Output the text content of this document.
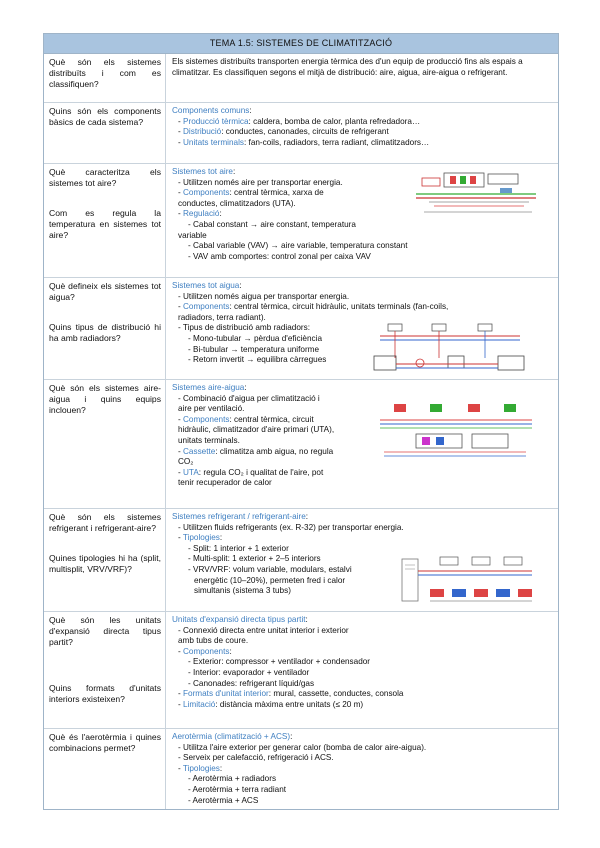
TEMA 1.5: SISTEMES DE CLIMATITZACIÓ

Què són els sistemes distribuïts i com es classifiquen?

Els sistemes distribuïts transporten energia tèrmica des d'un equip de producció fins als espais a climatitzar. Es classifiquen segons el mitjà de distribució: aire, aigua, aire-aigua o refrigerant.

Quins són els components bàsics de cada sistema?

Components comuns:

- Producció tèrmica: caldera, bomba de calor, planta refredadora…

- Distribució: conductes, canonades, circuits de refrigerant

- Unitats terminals: fan-coils, radiadors, terra radiant, climatitzadors…

Què caracteritza els sistemes tot aire?

Com es regula la temperatura en sistemes tot aire?

Sistemes tot aire:

- Utilitzen només aire per transportar energia.

- Components: central tèrmica, xarxa de

conductes, climatitzadors (UTA).

- Regulació:

- Cabal constant → aire constant, temperatura

variable

- Cabal variable (VAV) → aire variable, temperatura constant

- VAV amb comportes: control zonal per caixa VAV

Què defineix els sistemes tot aigua?

Quins tipus de distribució hi ha amb radiadors?

Sistemes tot aigua:

- Utilitzen només aigua per transportar energia.

- Components: central tèrmica, circuit hidràulic, unitats terminals (fan-coils,

radiadors, terra radiant).

- Tipus de distribució amb radiadors:

- Mono-tubular → pèrdua d'eficiència

- Bi-tubular → temperatura uniforme

- Retorn invertit → equilibra càrregues

Què són els sistemes aire-aigua i quins equips inclouen?

Sistemes aire-aigua:

- Combinació d'aigua per climatització i

aire per ventilació.

- Components: central tèrmica, circuit

hidràulic, climatitzador d'aire primari (UTA),

unitats terminals.

- Cassette: climatitza amb aigua, no regula

CO₂

- UTA: regula CO₂ i qualitat de l'aire, pot

tenir recuperador de calor

Què són els sistemes refrigerant i refrigerant-aire?

Quines tipologies hi ha (split, multisplit, VRV/VRF)?

Sistemes refrigerant / refrigerant-aire:

- Utilitzen fluids refrigerants (ex. R-32) per transportar energia.

- Tipologies:

- Split: 1 interior + 1 exterior

- Multi-split: 1 exterior + 2–5 interiors

- VRV/VRF: volum variable, modulars, estalvi

energètic (10–20%), permeten fred i calor

simultanis (sistema 3 tubs)

Què són les unitats d'expansió directa tipus partit?

Quins formats d'unitats interiors existeixen?

Unitats d'expansió directa tipus partit:

- Connexió directa entre unitat interior i exterior

amb tubs de coure.

- Components:

- Exterior: compressor + ventilador + condensador

- Interior: evaporador + ventilador

- Canonades: refrigerant líquid/gas

- Formats d'unitat interior: mural, cassette, conductes, consola

- Limitació: distància màxima entre unitats (≤ 20 m)

Què és l'aerotèrmia i quines combinacions permet?

Aerotèrmia (climatització + ACS):

- Utilitza l'aire exterior per generar calor (bomba de calor aire-aigua).

- Serveix per calefacció, refrigeració i ACS.

- Tipologies:

- Aerotèrmia + radiadors

- Aerotèrmia + terra radiant

- Aerotèrmia + ACS
